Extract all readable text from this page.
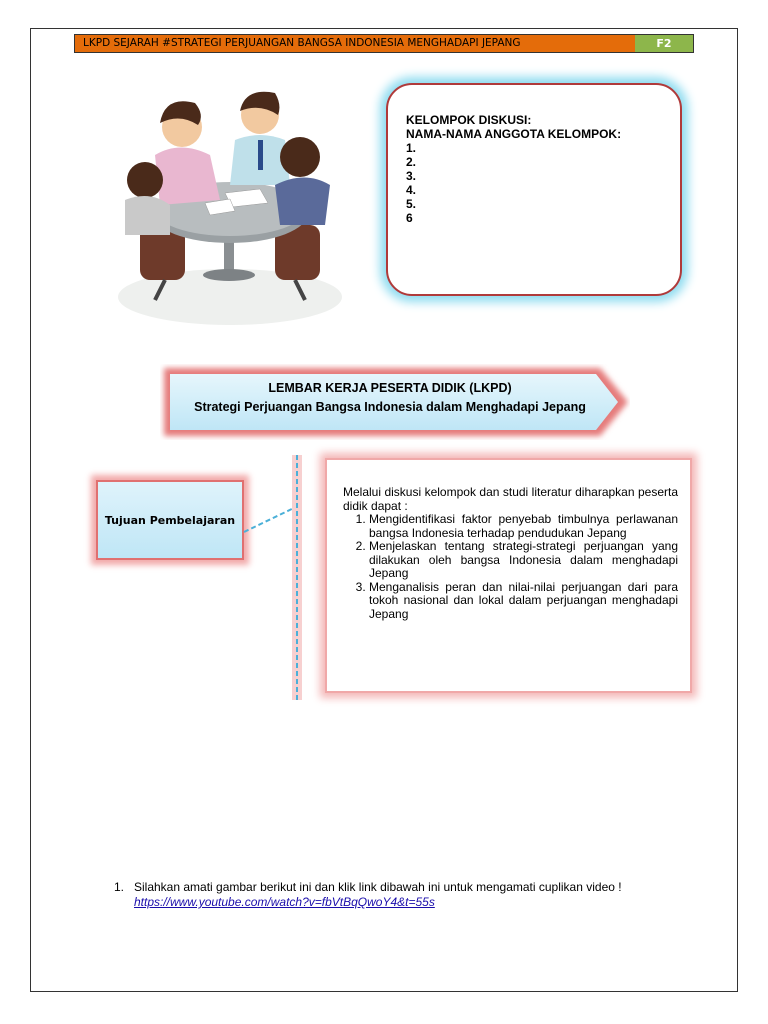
LKPD SEJARAH #STRATEGI PERJUANGAN BANGSA INDONESIA MENGHADAPI JEPANG	F2
KELOMPOK DISKUSI:
NAMA-NAMA ANGGOTA KELOMPOK:
1.
2.
3.
4.
5.
6
LEMBAR KERJA PESERTA DIDIK (LKPD)
Strategi Perjuangan Bangsa Indonesia dalam Menghadapi Jepang
Tujuan Pembelajaran
Melalui diskusi kelompok dan studi literatur diharapkan peserta didik dapat :
1. Mengidentifikasi faktor penyebab timbulnya perlawanan bangsa Indonesia terhadap pendudukan Jepang
2. Menjelaskan tentang strategi-strategi perjuangan yang dilakukan oleh bangsa Indonesia dalam menghadapi Jepang
3. Menganalisis peran dan nilai-nilai perjuangan dari para tokoh nasional dan lokal dalam perjuangan menghadapi Jepang
1. Silahkan amati gambar berikut ini dan klik link dibawah ini untuk mengamati cuplikan video !
https://www.youtube.com/watch?v=fbVtBqQwoY4&t=55s
